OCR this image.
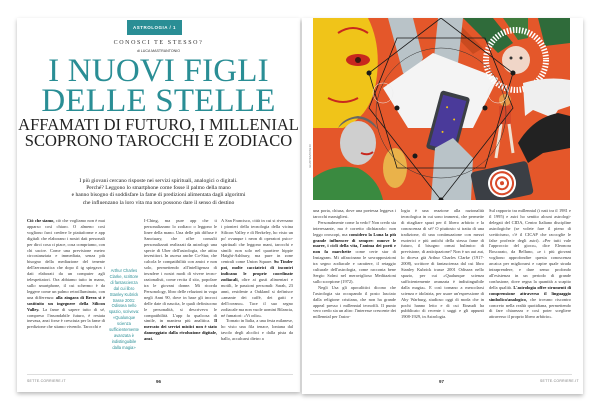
ASTROLOGIA / 1
CONOSCI TE STESSO?
di LUCA MASTRANTONIO
I NUOVI FIGLI
DELLE STELLE
AFFAMATI DI FUTURO, I MILLENIAL
SCOPRONO TAROCCHI E ZODIACO
I più giovani cercano risposte nei servizi spirituali, analogici o digitali.
Perché? Leggono lo smartphone come fosse il palmo della mano
e hanno bisogno di soddisfare la fame di predizioni alimentata dagli algoritmi
che influenzano la loro vita ma non possono dare il senso di destino

Ciò che siamo, ciò che vogliamo non è mai apparso così chiaro. O almeno così vogliono farci credere le piattaforme e app digitali che elaborano i nostri dati personali per dirci cosa ci piace, cosa compriamo, con chi uscire. Come una previsione meteo circostanziata e immediata, senza più bisogno della mediazione del tenente dell'aeronautica che dopo il tg spiegava i dati elaborati da un computer agli telespettatori. Ora abbiamo tutto in mano, sullo smartphone, il cui schermo è da leggere come un palmo retroilluminato, con una differenza: alla zingara di Brera si è sostituito un ingegnere della Silicon Valley. La fame di sapere tutto di sé, compreso l'insondabile futuro, è restata inevasa, anzi forse è cresciuta per la fame di predizione che stiamo vivendo. Tarocchi e

Arthur Charles Clarke, scrittore di fantascienza dal cui libro Stanley Kubrick trasse 2001: Odissea nello spazio, scriveva: «Qualunque scienza sufficientemente avanzata è indistinguibile dalla magia»

I-Ching, ma pure app che ti personalizzano lo zodiaco o leggono le linee della mano. Una delle più diffuse è Sanctuary, che offre consulti personalizzati realizzati da astrologi: una specie di Uber dell'astrologia, che attira investitori. In ascesa anche Co-Star, che calcola le compatibilità con amici e non solo, permettendo all'intelligenza di invadere i nostri modi di vivere tecno-razionalisti, come recita il sito, popolare tra le giovani donne. Mi ricorda Personology, libro delle relazioni in voga negli Anni 90, dove in base gli incroci delle date di nascita, le quali definiscono le personalità, si descriveva le compatibilità. L'app fa qualcosa di simile, in maniera più analitica. Il mercato dei servizi mistici non è stato danneggiato dalla rivoluzione digitale, anzi.

A San Francisco, città in cui si riversano i pionieri della tecnologia della vicina Silicon Valley e di Berkeley, ho visto un po' ovunque i neon di operatori psico-spirituali che leggono mani, tarocchi e simili: non solo nel quartiere hippie Haight-Ashbury, ma pure in zone centrali come Union Square. Su Tinder poi, molte cacciatrici di incontri indicano le proprie coordinate zodiacali, oltre ai gusti alimentari e motili, le passioni personali: Sarah, 23 anni, residente a Oakland si definisce «amante dei caffè, dei gatti e dell'oceano». Tace il suo segno zodiacale ma non vuole uomini Bilancia, né fumatori: «Vi odio».

Tornato in Italia, a una festa milanese, ho visto una fila tenace, lontana dal tavolo degli alcolici e dalla pista da ballo, accalcarsi dietro a

SETTE.CORRIERE.IT	96
ILLUSTRAZIONE DI

una porta, chiusa, dove una poetessa leggeva i tarocchi marsigliesi.

Personalmente come la vedo? Non credo sia interessante, ma è corretto dichiararlo: non leggo oroscopi, ma considero la Luna la più grande influencer di sempre: muove le maree, i cicli della vita, l'anima dei poeti e non fa marchette come certe star di Instagram. Mi affascinano le sovrapposizioni tra segno zodiacale e carattere, il retaggio culturale dell'astrologia, come racconta bene Sergio Solmi nel meraviglioso Meditazioni sullo scorpione (1972).

Negli Usa gli apocalittici dicono che l'astrologia sta occupando il posto lasciato dalla religione cristiana, che non ha grande appeal presso i millennial tecnofili. Il punto vero credo sia un altro: l'interesse crescente dei millennial per l'astro-

logia è una reazione alla razionalità tecnologica in cui sono immersi, che permette di ritagliare spazi per il libero arbitrio e la conoscenza di sé? O piuttosto si tratta di una tradizione, di una continuazione con mezzi esoterici e più antichi della stessa fame di futuro, il bisogno ormai bulimico di previsione, di anticipazione? Non è un aut aut, lo diceva già Arthur Charles Clarke (1917-2008), scrittore di fantascienza dal cui libro Stanley Kubrick trasse 2001 Odissea nello spazio, per cui «Qualunque scienza sufficientemente avanzata è indistinguibile dalla magia». E così tornano a mescolarsi scienza e idolatria, per usare un'espressione di Aby Warburg, studioso oggi di moda che in pochi hanno letto e di cui Einaudi ha pubblicato di recente i saggi e gli appunti 1908-1929, in Astrologia.

Sul rapporto tra millennial (i nati tra il 1981 e il 1995) e astri ho sentito alcuni astrologi-delegati del CIDA, Centro Italiano discipline astrologiche (se volete fare il pieno di scetticismo, c'è il CICAP che raccoglie le false profezie degli astri). «Per tutti vale l'approccio del gioco», dice Eleonora Boscarato, da Belluno, «e i più giovani vogliono approfondire questa conoscenza arcaica per migliorarsi e capire quale strada intraprendere, e dare senso profondo all'esistenza in un periodo di grande confusione, dove regna la quantità a scapito della qualità. L'astrologia offre strumenti di comprensione attraverso il linguaggio simbolico/analogico, che trovano riscontro concreto nella realtà quotidiana, permettendo di fare chiarezza e così poter scegliere attraverso il proprio libero arbitrio».

97	SETTE.CORRIERE.IT
